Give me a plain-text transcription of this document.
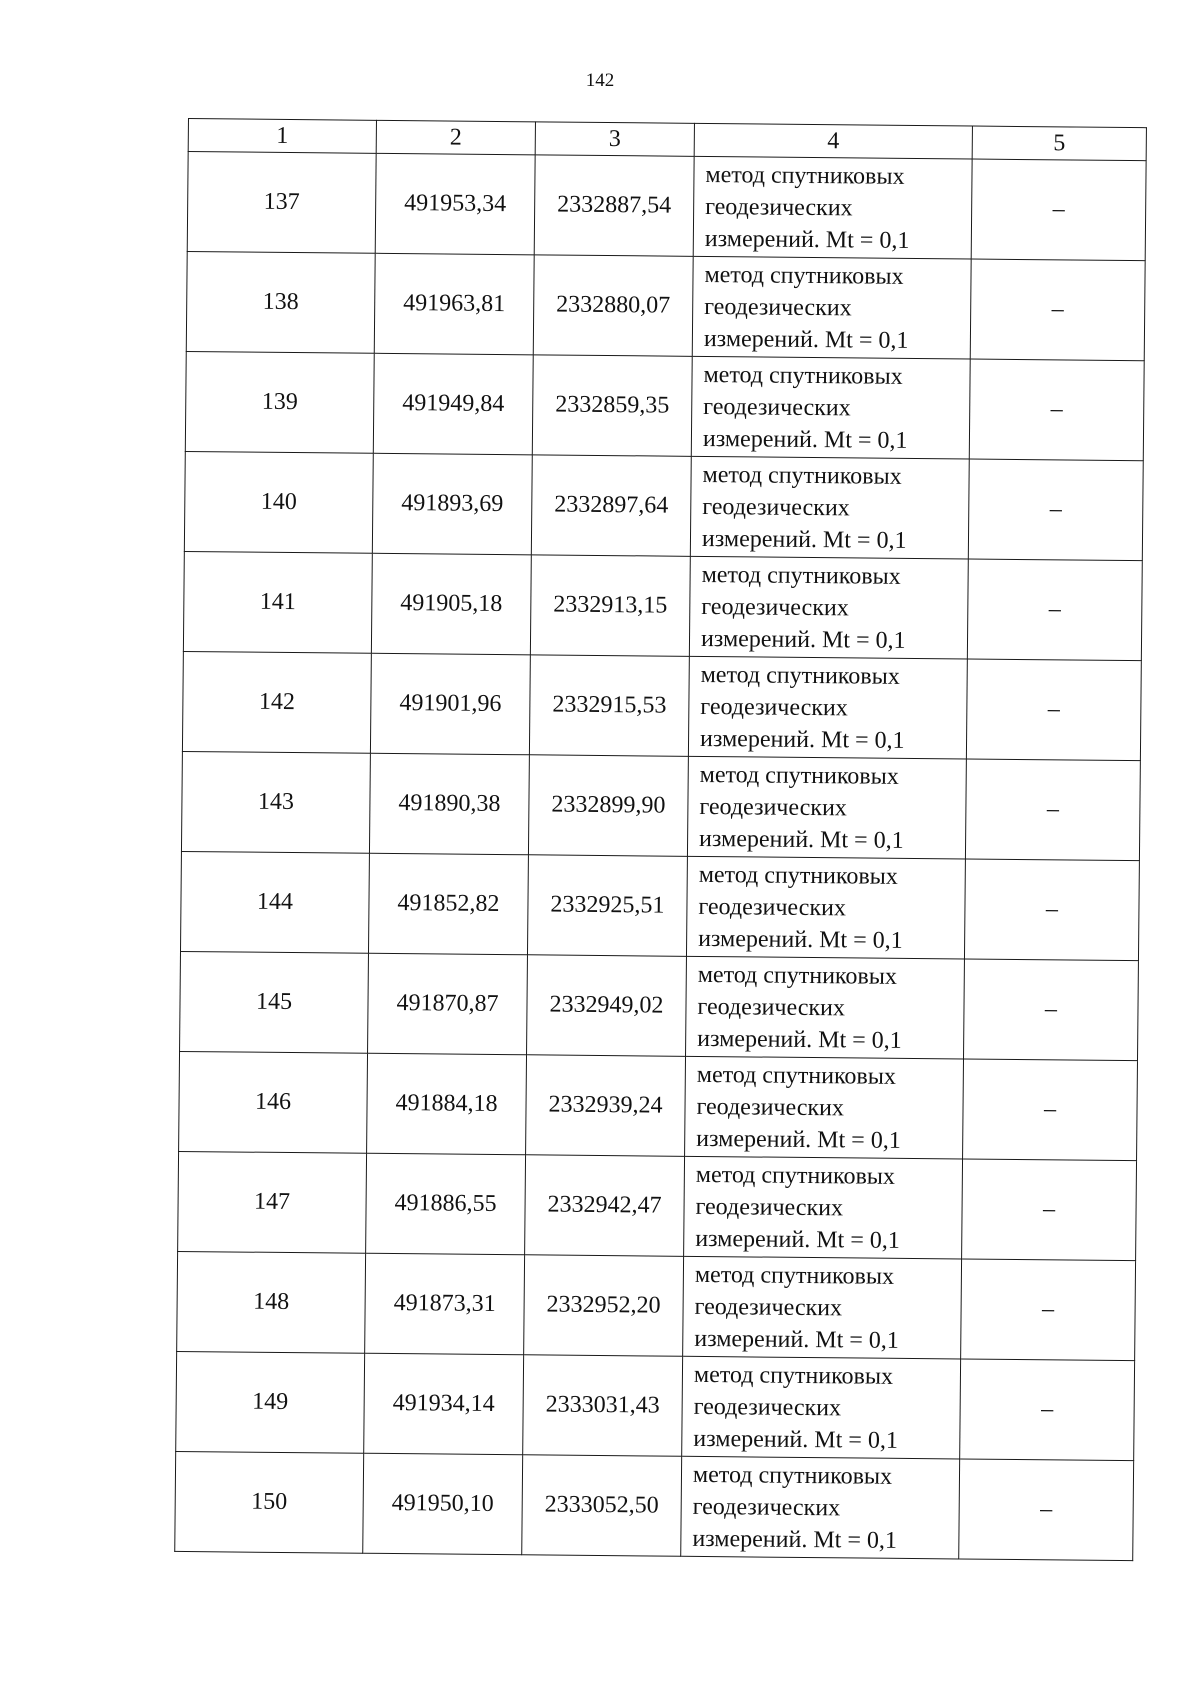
142
1	2	3	4	5
137	491953,34	2332887,54	метод спутниковых
геодезических
измерений. Mt = 0,1	–
138	491963,81	2332880,07	метод спутниковых
геодезических
измерений. Mt = 0,1	–
139	491949,84	2332859,35	метод спутниковых
геодезических
измерений. Mt = 0,1	–
140	491893,69	2332897,64	метод спутниковых
геодезических
измерений. Mt = 0,1	–
141	491905,18	2332913,15	метод спутниковых
геодезических
измерений. Mt = 0,1	–
142	491901,96	2332915,53	метод спутниковых
геодезических
измерений. Mt = 0,1	–
143	491890,38	2332899,90	метод спутниковых
геодезических
измерений. Mt = 0,1	–
144	491852,82	2332925,51	метод спутниковых
геодезических
измерений. Mt = 0,1	–
145	491870,87	2332949,02	метод спутниковых
геодезических
измерений. Mt = 0,1	–
146	491884,18	2332939,24	метод спутниковых
геодезических
измерений. Mt = 0,1	–
147	491886,55	2332942,47	метод спутниковых
геодезических
измерений. Mt = 0,1	–
148	491873,31	2332952,20	метод спутниковых
геодезических
измерений. Mt = 0,1	–
149	491934,14	2333031,43	метод спутниковых
геодезических
измерений. Mt = 0,1	–
150	491950,10	2333052,50	метод спутниковых
геодезических
измерений. Mt = 0,1	–
